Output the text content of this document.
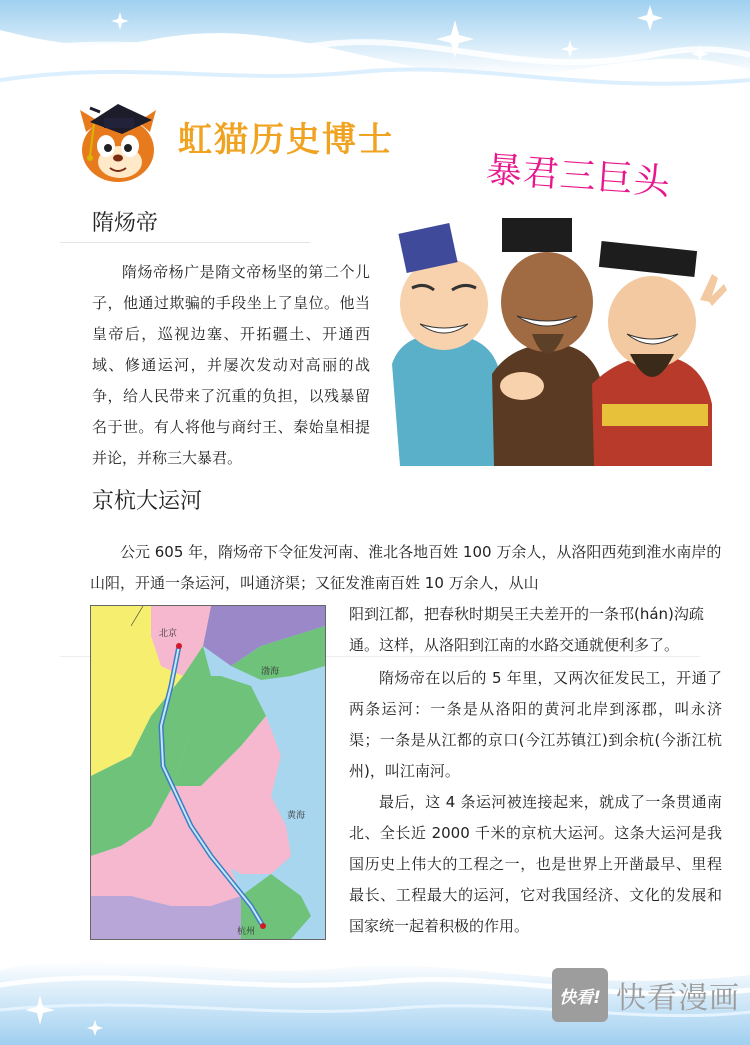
虹猫历史博士
暴君三巨头
隋炀帝

隋炀帝杨广是隋文帝杨坚的第二个儿子，他通过欺骗的手段坐上了皇位。他当皇帝后，巡视边塞、开拓疆土、开通西域、修通运河，并屡次发动对高丽的战争，给人民带来了沉重的负担，以残暴留名于世。有人将他与商纣王、秦始皇相提并论，并称三大暴君。

京杭大运河

公元 605 年，隋炀帝下令征发河南、淮北各地百姓 100 万余人，从洛阳西苑到淮水南岸的山阳，开通一条运河，叫通济渠；又征发淮南百姓 10 万余人，从山

阳到江都，把春秋时期吴王夫差开的一条邗(hán)沟疏通。这样，从洛阳到江南的水路交通就便利多了。

隋炀帝在以后的 5 年里，又两次征发民工，开通了两条运河：一条是从洛阳的黄河北岸到涿郡，叫永济渠；一条是从江都的京口(今江苏镇江)到余杭(今浙江杭州)，叫江南河。

最后，这 4 条运河被连接起来，就成了一条贯通南北、全长近 2000 千米的京杭大运河。这条大运河是我国历史上伟大的工程之一，也是世界上开凿最早、里程最长、工程最大的运河，它对我国经济、文化的发展和国家统一起着积极的作用。

北京
渤海
黄海
杭州
快看! 快看漫画
